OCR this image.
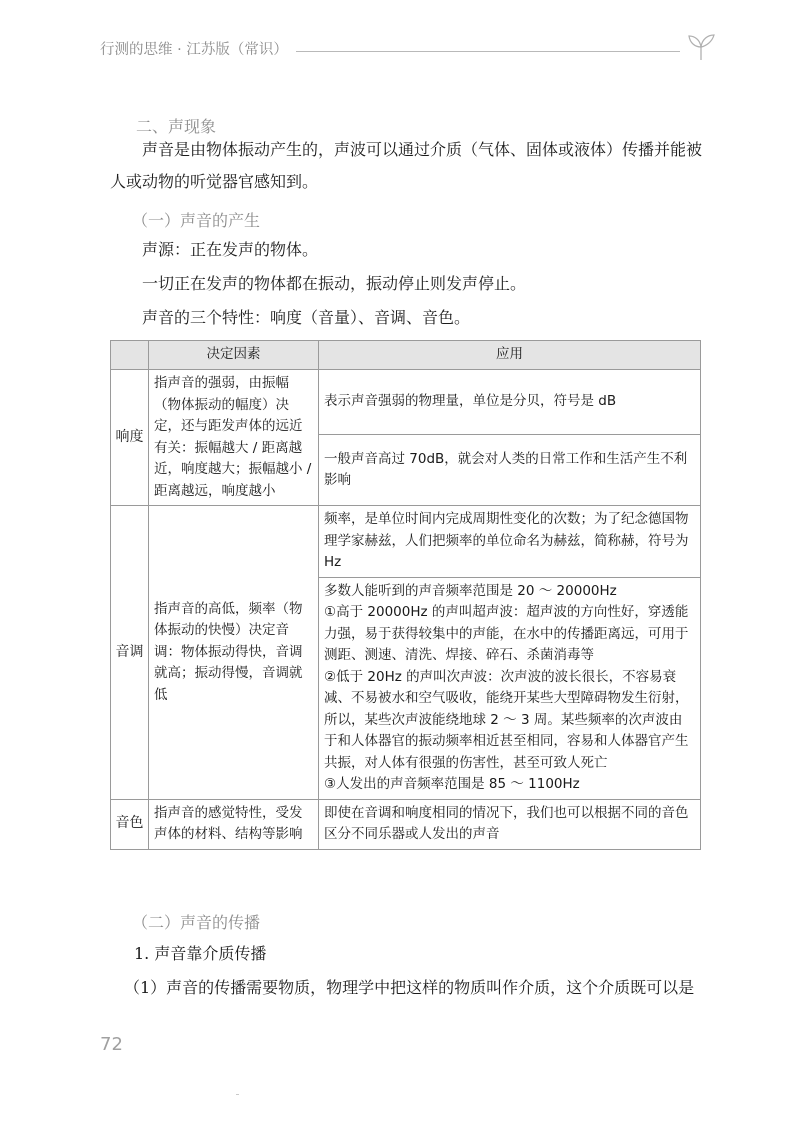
行测的思维 · 江苏版（常识）
二、声现象

声音是由物体振动产生的，声波可以通过介质（气体、固体或液体）传播并能被人或动物的听觉器官感知到。

（一）声音的产生
声源：正在发声的物体。
一切正在发声的物体都在振动，振动停止则发声停止。
声音的三个特性：响度（音量）、音调、音色。
	决定因素	应用
响度	指声音的强弱，由振幅（物体振动的幅度）决定，还与距发声体的远近有关：振幅越大 / 距离越近，响度越大；振幅越小 / 距离越远，响度越小	表示声音强弱的物理量，单位是分贝，符号是 dB
		一般声音高过 70dB，就会对人类的日常工作和生活产生不利影响
音调	指声音的高低，频率（物体振动的快慢）决定音调：物体振动得快，音调就高；振动得慢，音调就低	频率，是单位时间内完成周期性变化的次数；为了纪念德国物理学家赫兹，人们把频率的单位命名为赫兹，简称赫，符号为 Hz

		多数人能听到的声音频率范围是 20 ～ 20000Hz
①高于 20000Hz 的声叫超声波：超声波的方向性好，穿透能力强，易于获得较集中的声能，在水中的传播距离远，可用于测距、测速、清洗、焊接、碎石、杀菌消毒等
②低于 20Hz 的声叫次声波：次声波的波长很长，不容易衰减、不易被水和空气吸收，能绕开某些大型障碍物发生衍射，所以，某些次声波能绕地球 2 ～ 3 周。某些频率的次声波由于和人体器官的振动频率相近甚至相同，容易和人体器官产生共振，对人体有很强的伤害性，甚至可致人死亡
③人发出的声音频率范围是 85 ～ 1100Hz

音色	指声音的感觉特性，受发声体的材料、结构等影响	即使在音调和响度相同的情况下，我们也可以根据不同的音色区分不同乐器或人发出的声音
（二）声音的传播
1. 声音靠介质传播
（1）声音的传播需要物质，物理学中把这样的物质叫作介质，这个介质既可以是
72
